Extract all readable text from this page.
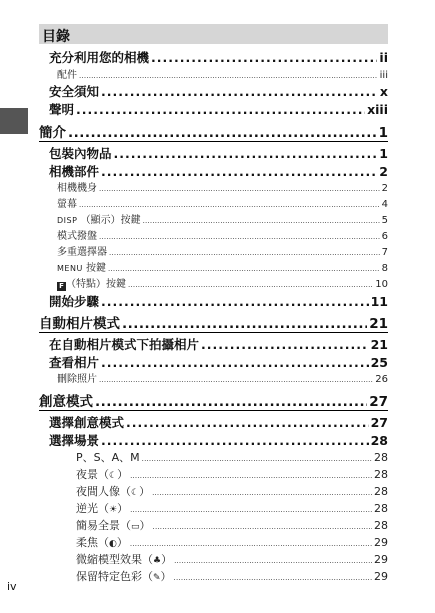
目錄
充分利用您的相機 .....	ii
配件 .....	iii
安全須知 .....	x
聲明 .....	xiii
簡介 .....	1
包裝內物品 .....	1
相機部件 .....	2
相機機身 .....	2
螢幕 .....	4
DISP （顯示）按鍵 .....	5
模式撥盤 .....	6
多重選擇器 .....	7
MENU 按鍵 .....	8
F （特點）按鍵 .....	10
開始步驟 .....	11
自動相片模式 .....	21
在自動相片模式下拍攝相片 .....	21
查看相片 .....	25
刪除照片 .....	26
創意模式 .....	27
選擇創意模式 .....	27
選擇場景 .....	28
P、S、A、M .....	28
夜景（☾） .....	28
夜間人像（☾） .....	28
逆光（☀） .....	28
簡易全景（▭） .....	28
柔焦（◐） .....	29
微縮模型效果（♣） .....	29
保留特定色彩（✎） .....	29
iv
